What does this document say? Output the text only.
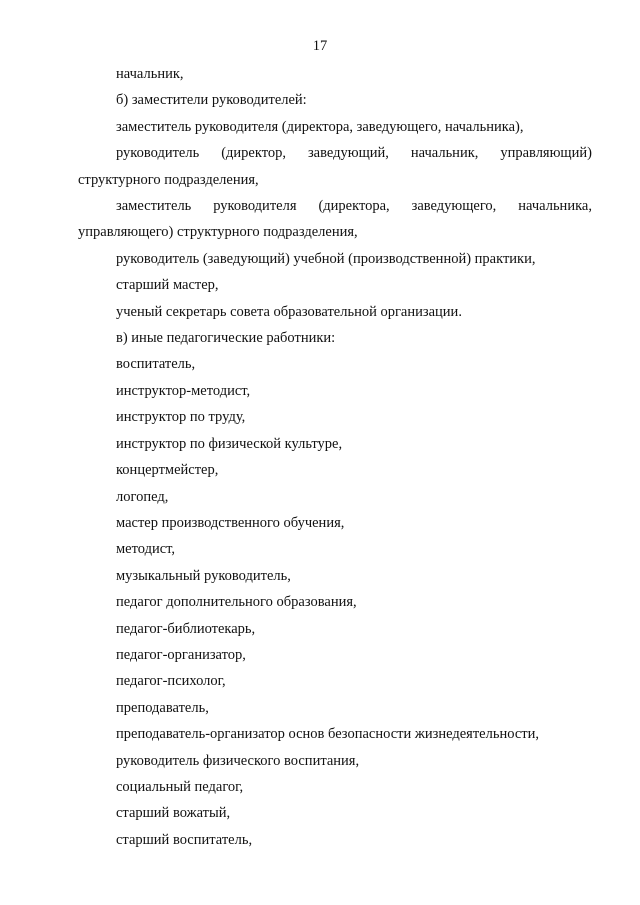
17

начальник,

б) заместители руководителей:

заместитель руководителя (директора, заведующего, начальника),

руководитель (директор, заведующий, начальник, управляющий)

структурного подразделения,

заместитель руководителя (директора, заведующего, начальника,

управляющего) структурного подразделения,

руководитель (заведующий) учебной (производственной) практики,

старший мастер,

ученый секретарь совета образовательной организации.

в) иные педагогические работники:

воспитатель,

инструктор-методист,

инструктор по труду,

инструктор по физической культуре,

концертмейстер,

логопед,

мастер производственного обучения,

методист,

музыкальный руководитель,

педагог дополнительного образования,

педагог-библиотекарь,

педагог-организатор,

педагог-психолог,

преподаватель,

преподаватель-организатор основ безопасности жизнедеятельности,

руководитель физического воспитания,

социальный педагог,

старший вожатый,

старший воспитатель,
